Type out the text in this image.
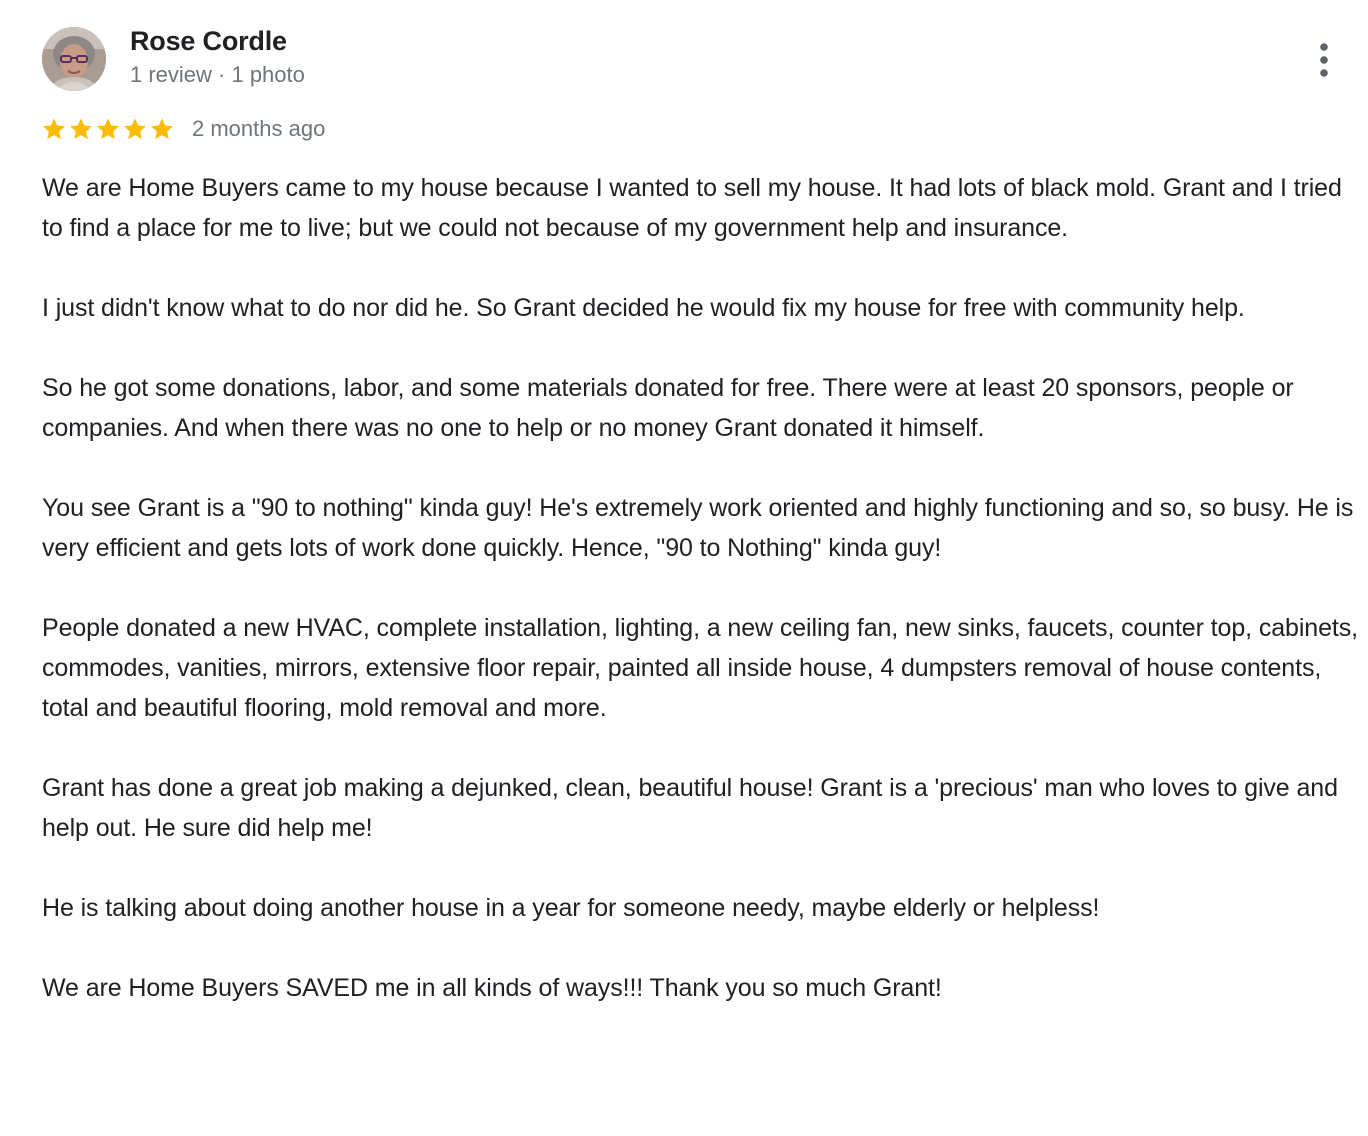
Rose Cordle
1 review · 1 photo
2 months ago

We are Home Buyers came to my house because I wanted to sell my house. It had lots of black mold. Grant and I tried to find a place for me to live; but we could not because of my government help and insurance.

I just didn't know what to do nor did he. So Grant decided he would fix my house for free with community help.

So he got some donations, labor, and some materials donated for free. There were at least 20 sponsors, people or companies. And when there was no one to help or no money Grant donated it himself.

You see Grant is a "90 to nothing" kinda guy! He's extremely work oriented and highly functioning and so, so busy. He is very efficient and gets lots of work done quickly. Hence, "90 to Nothing" kinda guy!

People donated a new HVAC, complete installation, lighting, a new ceiling fan, new sinks, faucets, counter top, cabinets, commodes, vanities, mirrors, extensive floor repair, painted all inside house, 4 dumpsters removal of house contents, total and beautiful flooring, mold removal and more.

Grant has done a great job making a dejunked, clean, beautiful house! Grant is a 'precious' man who loves to give and help out. He sure did help me!

He is talking about doing another house in a year for someone needy, maybe elderly or helpless!

We are Home Buyers SAVED me in all kinds of ways!!! Thank you so much Grant!
